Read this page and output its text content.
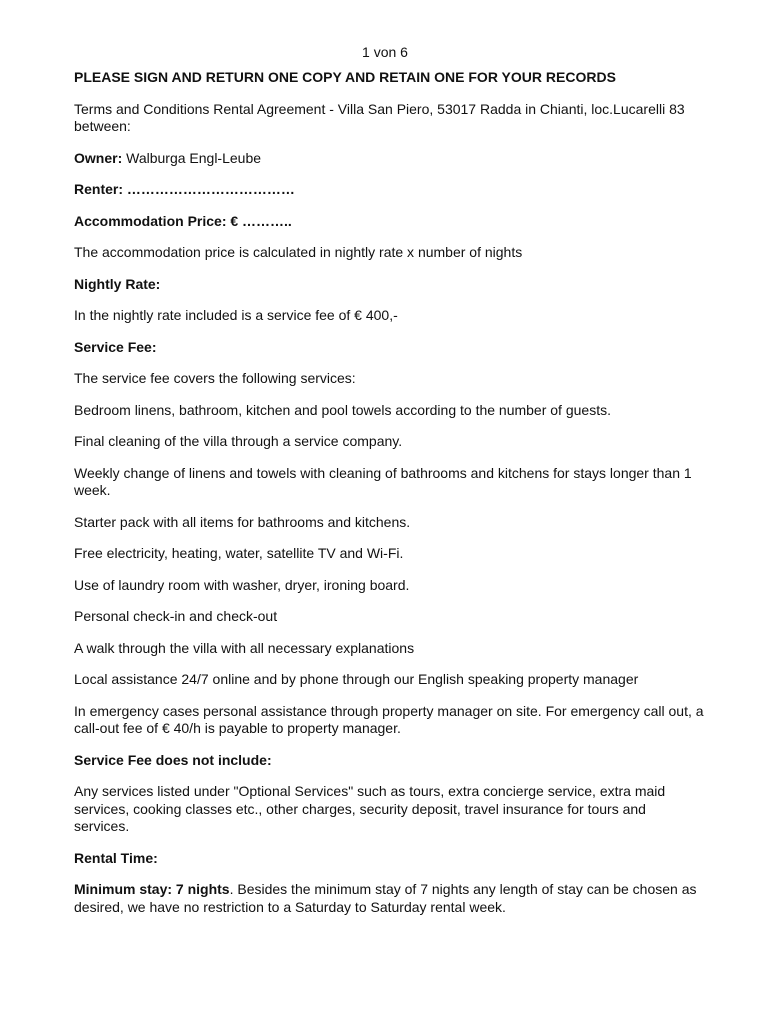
1 von 6

PLEASE SIGN AND RETURN ONE COPY AND RETAIN ONE FOR YOUR RECORDS

Terms and Conditions Rental Agreement - Villa San Piero, 53017 Radda in Chianti, loc.Lucarelli 83 between:

Owner: Walburga Engl-Leube

Renter: ………………………………

Accommodation Price: € ………..

The accommodation price is calculated in nightly rate x number of nights

Nightly Rate:

In the nightly rate included is a service fee of € 400,-

Service Fee:

The service fee covers the following services:

Bedroom linens, bathroom, kitchen and pool towels according to the number of guests.

Final cleaning of the villa through a service company.

Weekly change of linens and towels with cleaning of bathrooms and kitchens for stays longer than 1 week.

Starter pack with all items for bathrooms and kitchens.

Free electricity, heating, water, satellite TV and Wi-Fi.

Use of laundry room with washer, dryer, ironing board.

Personal check-in and check-out

A walk through the villa with all necessary explanations

Local assistance 24/7 online and by phone through our English speaking property manager

In emergency cases personal assistance through property manager on site. For emergency call out, a call-out fee of € 40/h is payable to property manager.

Service Fee does not include:

Any services listed under "Optional Services" such as tours, extra concierge service, extra maid services, cooking classes etc., other charges, security deposit, travel insurance for tours and services.

Rental Time:

Minimum stay: 7 nights. Besides the minimum stay of 7 nights any length of stay can be chosen as desired, we have no restriction to a Saturday to Saturday rental week.
